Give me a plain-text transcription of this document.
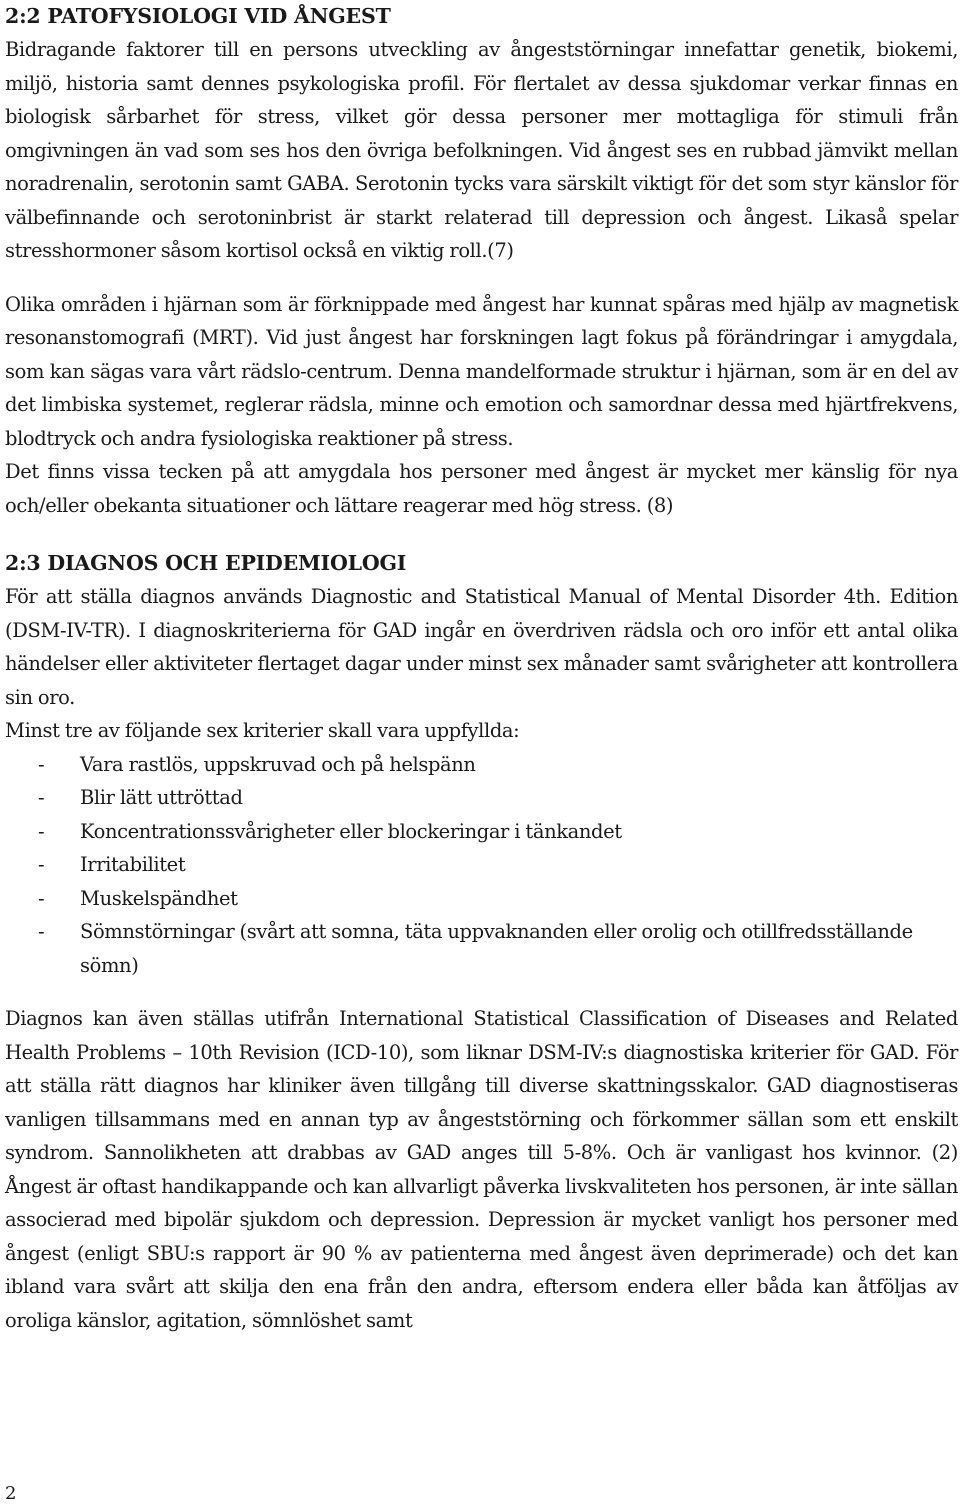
2:2 PATOFYSIOLOGI VID ÅNGEST

Bidragande faktorer till en persons utveckling av ångeststörningar innefattar genetik, biokemi, miljö, historia samt dennes psykologiska profil. För flertalet av dessa sjukdomar verkar finnas en biologisk sårbarhet för stress, vilket gör dessa personer mer mottagliga för stimuli från omgivningen än vad som ses hos den övriga befolkningen. Vid ångest ses en rubbad jämvikt mellan noradrenalin, serotonin samt GABA. Serotonin tycks vara särskilt viktigt för det som styr känslor för välbefinnande och serotoninbrist är starkt relaterad till depression och ångest. Likaså spelar stresshormoner såsom kortisol också en viktig roll.(7)

Olika områden i hjärnan som är förknippade med ångest har kunnat spåras med hjälp av magnetisk resonanstomografi (MRT). Vid just ångest har forskningen lagt fokus på förändringar i amygdala, som kan sägas vara vårt rädslo-centrum. Denna mandelformade struktur i hjärnan, som är en del av det limbiska systemet, reglerar rädsla, minne och emotion och samordnar dessa med hjärtfrekvens, blodtryck och andra fysiologiska reaktioner på stress.

Det finns vissa tecken på att amygdala hos personer med ångest är mycket mer känslig för nya och/eller obekanta situationer och lättare reagerar med hög stress. (8)

2:3 DIAGNOS OCH EPIDEMIOLOGI

För att ställa diagnos används Diagnostic and Statistical Manual of Mental Disorder 4th. Edition (DSM-IV-TR). I diagnoskriterierna för GAD ingår en överdriven rädsla och oro inför ett antal olika händelser eller aktiviteter flertaget dagar under minst sex månader samt svårigheter att kontrollera sin oro.

Minst tre av följande sex kriterier skall vara uppfyllda:

- Vara rastlös, uppskruvad och på helspänn
- Blir lätt uttröttad
- Koncentrationssvårigheter eller blockeringar i tänkandet
- Irritabilitet
- Muskelspändhet
- Sömnstörningar (svårt att somna, täta uppvaknanden eller orolig och otillfredsställande sömn)

Diagnos kan även ställas utifrån International Statistical Classification of Diseases and Related Health Problems – 10th Revision (ICD-10), som liknar DSM-IV:s diagnostiska kriterier för GAD. För att ställa rätt diagnos har kliniker även tillgång till diverse skattningsskalor. GAD diagnostiseras vanligen tillsammans med en annan typ av ångeststörning och förkommer sällan som ett enskilt syndrom. Sannolikheten att drabbas av GAD anges till 5-8%. Och är vanligast hos kvinnor. (2) Ångest är oftast handikappande och kan allvarligt påverka livskvaliteten hos personen, är inte sällan associerad med bipolär sjukdom och depression. Depression är mycket vanligt hos personer med ångest (enligt SBU:s rapport är 90 % av patienterna med ångest även deprimerade) och det kan ibland vara svårt att skilja den ena från den andra, eftersom endera eller båda kan åtföljas av oroliga känslor, agitation, sömnlöshet samt

2
